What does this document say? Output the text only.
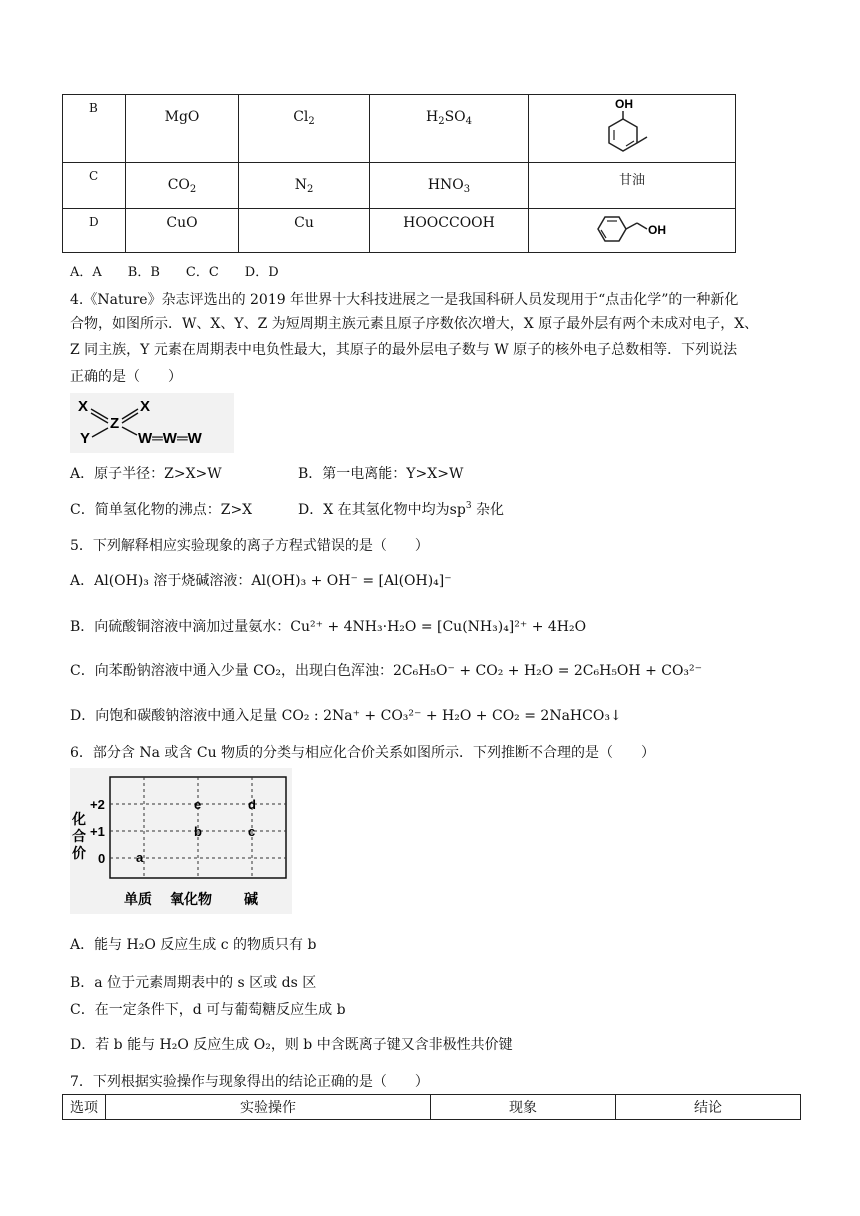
B	MgO	$Cl_2$	$H_2SO_4$	OH

C	$CO_2$	$N_2$	$HNO_3$	甘油
D	CuO	Cu	HOOCCOOH	OH
A．A　　B．B　　C．C　　D．D
4.《Nature》杂志评选出的 2019 年世界十大科技进展之一是我国科研人员发现用于“点击化学”的一种新化
合物，如图所示．W、X、Y、Z 为短周期主族元素且原子序数依次增大，X 原子最外层有两个未成对电子，X、
Z 同主族，Y 元素在周期表中电负性最大，其原子的最外层电子数与 W 原子的核外电子总数相等．下列说法
正确的是（　　）
X	X
Z
Y	W═W═W
A．原子半径：Z>X>W	B．第一电离能：Y>X>W
C．简单氢化物的沸点：Z>X	D．X 在其氢化物中均为$sp^3$ 杂化
5．下列解释相应实验现象的离子方程式错误的是（　　）
A．Al(OH)₃ 溶于烧碱溶液：Al(OH)₃ + OH⁻ = [Al(OH)₄]⁻
B．向硫酸铜溶液中滴加过量氨水：Cu²⁺ + 4NH₃·H₂O = [Cu(NH₃)₄]²⁺ + 4H₂O
C．向苯酚钠溶液中通入少量 CO₂，出现白色浑浊：2C₆H₅O⁻ + CO₂ + H₂O = 2C₆H₅OH + CO₃²⁻
D．向饱和碳酸钠溶液中通入足量 CO₂ : 2Na⁺ + CO₃²⁻ + H₂O + CO₂ = 2NaHCO₃↓
6．部分含 Na 或含 Cu 物质的分类与相应化合价关系如图所示．下列推断不合理的是（　　）
化
合
价
+2
+1
0 a
b	c
d
e
单质 氧化物 碱
A．能与 H₂O 反应生成 c 的物质只有 b
B．a 位于元素周期表中的 s 区或 ds 区
C．在一定条件下，d 可与葡萄糖反应生成 b
D．若 b 能与 H₂O 反应生成 O₂，则 b 中含既离子键又含非极性共价键
7．下列根据实验操作与现象得出的结论正确的是（　　）
选项	实验操作	现象	结论
